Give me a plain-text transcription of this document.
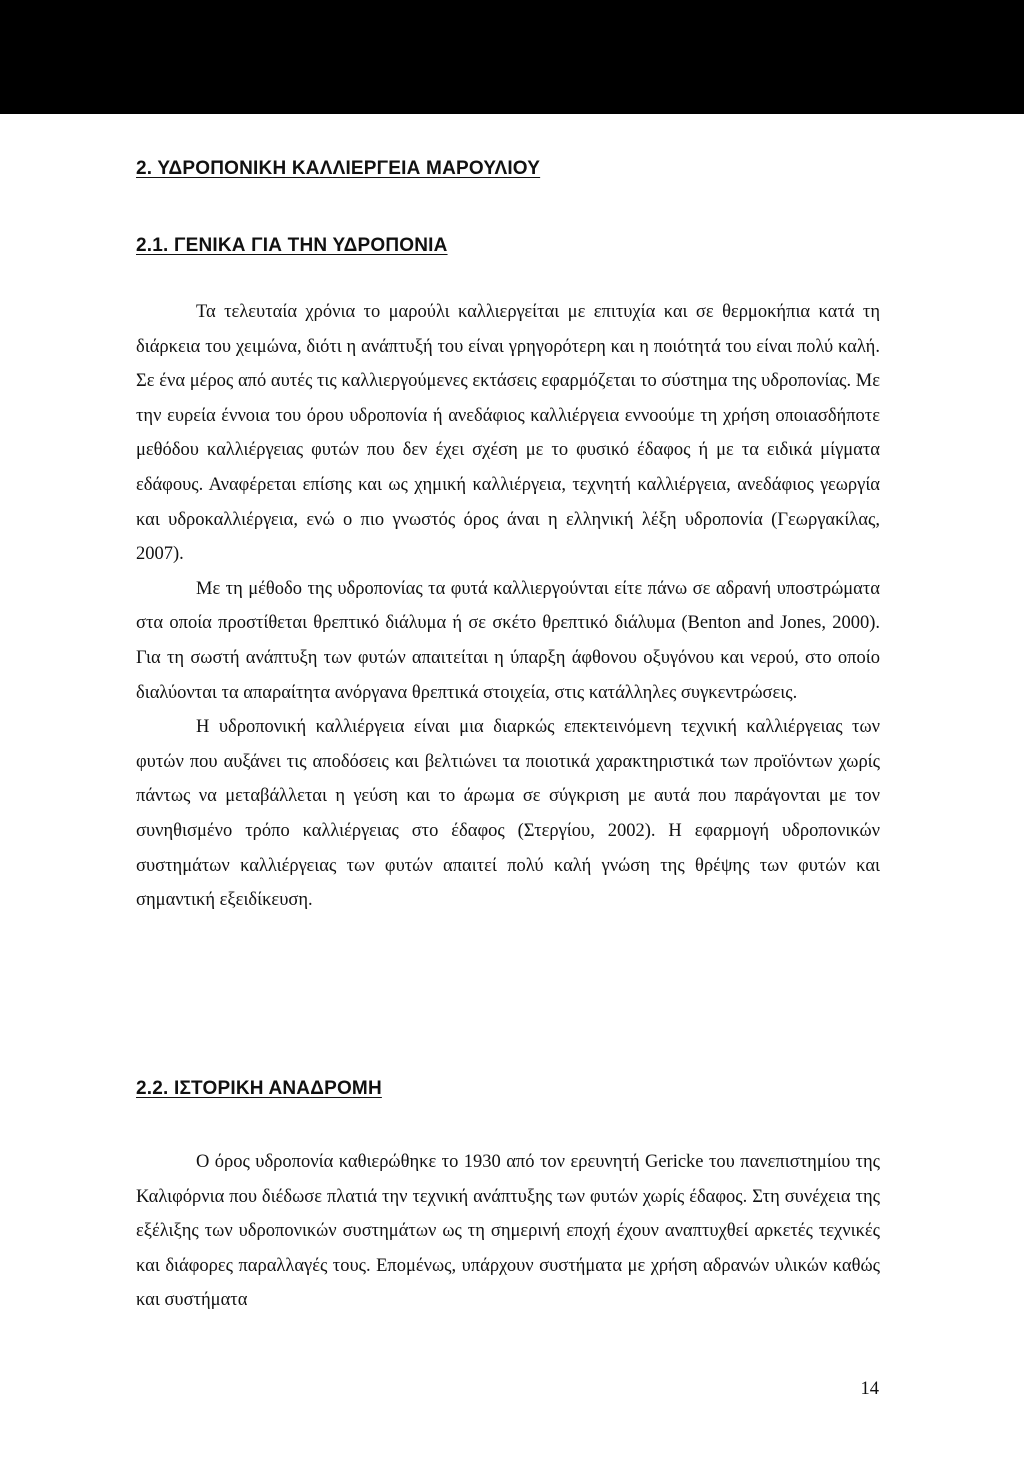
2. ΥΔΡΟΠΟΝΙΚΗ ΚΑΛΛΙΕΡΓΕΙΑ ΜΑΡΟΥΛΙΟΥ
2.1. ΓΕΝΙΚΑ ΓΙΑ ΤΗΝ ΥΔΡΟΠΟΝΙΑ

Τα τελευταία χρόνια το μαρούλι καλλιεργείται με επιτυχία και σε θερμοκήπια κατά τη διάρκεια του χειμώνα, διότι η ανάπτυξή του είναι γρηγορότερη και η ποιότητά του είναι πολύ καλή. Σε ένα μέρος από αυτές τις καλλιεργούμενες εκτάσεις εφαρμόζεται το σύστημα της υδροπονίας. Με την ευρεία έννοια του όρου υδροπονία ή ανεδάφιος καλλιέργεια εννοούμε τη χρήση οποιασδήποτε μεθόδου καλλιέργειας φυτών που δεν έχει σχέση με το φυσικό έδαφος ή με τα ειδικά μίγματα εδάφους. Αναφέρεται επίσης και ως χημική καλλιέργεια, τεχνητή καλλιέργεια, ανεδάφιος γεωργία και υδροκαλλιέργεια, ενώ ο πιο γνωστός όρος άναι η ελληνική λέξη υδροπονία (Γεωργακίλας, 2007).

Με τη μέθοδο της υδροπονίας τα φυτά καλλιεργούνται είτε πάνω σε αδρανή υποστρώματα στα οποία προστίθεται θρεπτικό διάλυμα ή σε σκέτο θρεπτικό διάλυμα (Benton and Jones, 2000). Για τη σωστή ανάπτυξη των φυτών απαιτείται η ύπαρξη άφθονου οξυγόνου και νερού, στο οποίο διαλύονται τα απαραίτητα ανόργανα θρεπτικά στοιχεία, στις κατάλληλες συγκεντρώσεις.

Η υδροπονική καλλιέργεια είναι μια διαρκώς επεκτεινόμενη τεχνική καλλιέργειας των φυτών που αυξάνει τις αποδόσεις και βελτιώνει τα ποιοτικά χαρακτηριστικά των προϊόντων χωρίς πάντως να μεταβάλλεται η γεύση και το άρωμα σε σύγκριση με αυτά που παράγονται με τον συνηθισμένο τρόπο καλλιέργειας στο έδαφος (Στεργίου, 2002). Η εφαρμογή υδροπονικών συστημάτων καλλιέργειας των φυτών απαιτεί πολύ καλή γνώση της θρέψης των φυτών και σημαντική εξειδίκευση.

2.2. ΙΣΤΟΡΙΚΗ ΑΝΑΔΡΟΜΗ

Ο όρος υδροπονία καθιερώθηκε το 1930 από τον ερευνητή Gericke του πανεπιστημίου της Καλιφόρνια που διέδωσε πλατιά την τεχνική ανάπτυξης των φυτών χωρίς έδαφος. Στη συνέχεια της εξέλιξης των υδροπονικών συστημάτων ως τη σημερινή εποχή έχουν αναπτυχθεί αρκετές τεχνικές και διάφορες παραλλαγές τους. Επομένως, υπάρχουν συστήματα με χρήση αδρανών υλικών καθώς και συστήματα

14
